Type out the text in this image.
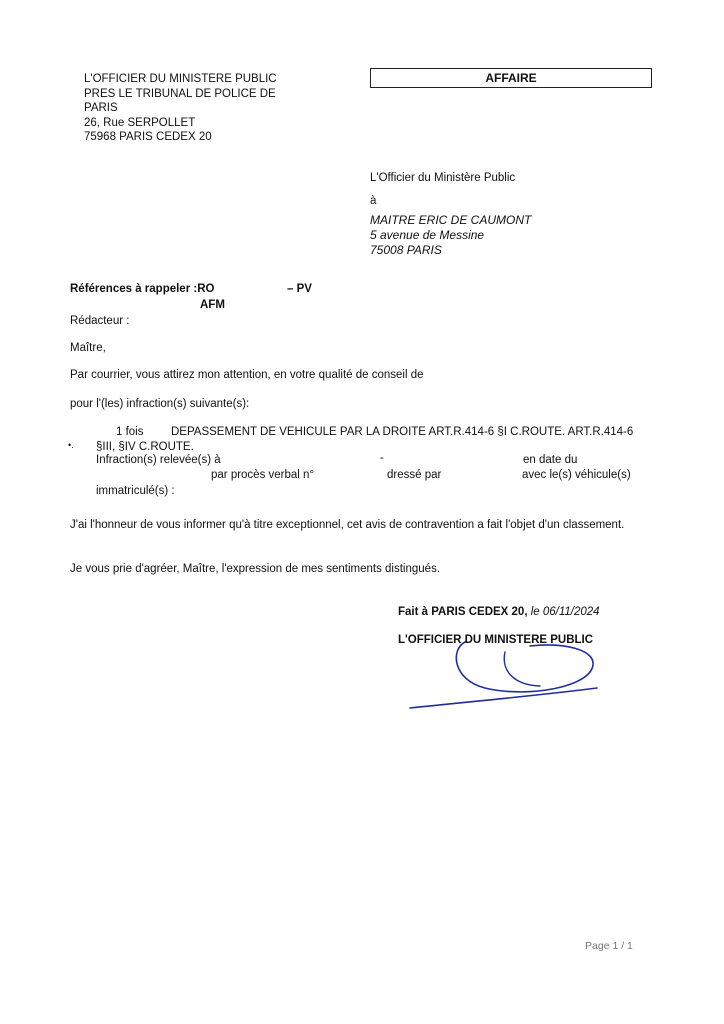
L'OFFICIER DU MINISTERE PUBLIC
PRES LE TRIBUNAL DE POLICE DE
PARIS
26, Rue SERPOLLET
75968 PARIS CEDEX 20
AFFAIRE
L'Officier du Ministère Public
à
MAITRE ERIC DE CAUMONT
5 avenue de Messine
75008 PARIS
Références à rappeler :RO	– PV
AFM
Rédacteur :
Maître,
Par courrier, vous attirez mon attention, en votre qualité de conseil de
pour l'(les) infraction(s) suivante(s):
1 fois DEPASSEMENT DE VEHICULE PAR LA DROITE ART.R.414-6 §I C.ROUTE. ART.R.414-6
•. §III, §IV C.ROUTE.
Infraction(s) relevée(s) à	-	en date du
par procès verbal n°	dressé par	avec le(s) véhicule(s)
immatriculé(s) :
J'ai l'honneur de vous informer qu'à titre exceptionnel, cet avis de contravention a fait l'objet d'un classement.
Je vous prie d'agréer, Maître, l'expression de mes sentiments distingués.
Fait à PARIS CEDEX 20, le 06/11/2024
L'OFFICIER DU MINISTERE PUBLIC
Page 1 / 1
